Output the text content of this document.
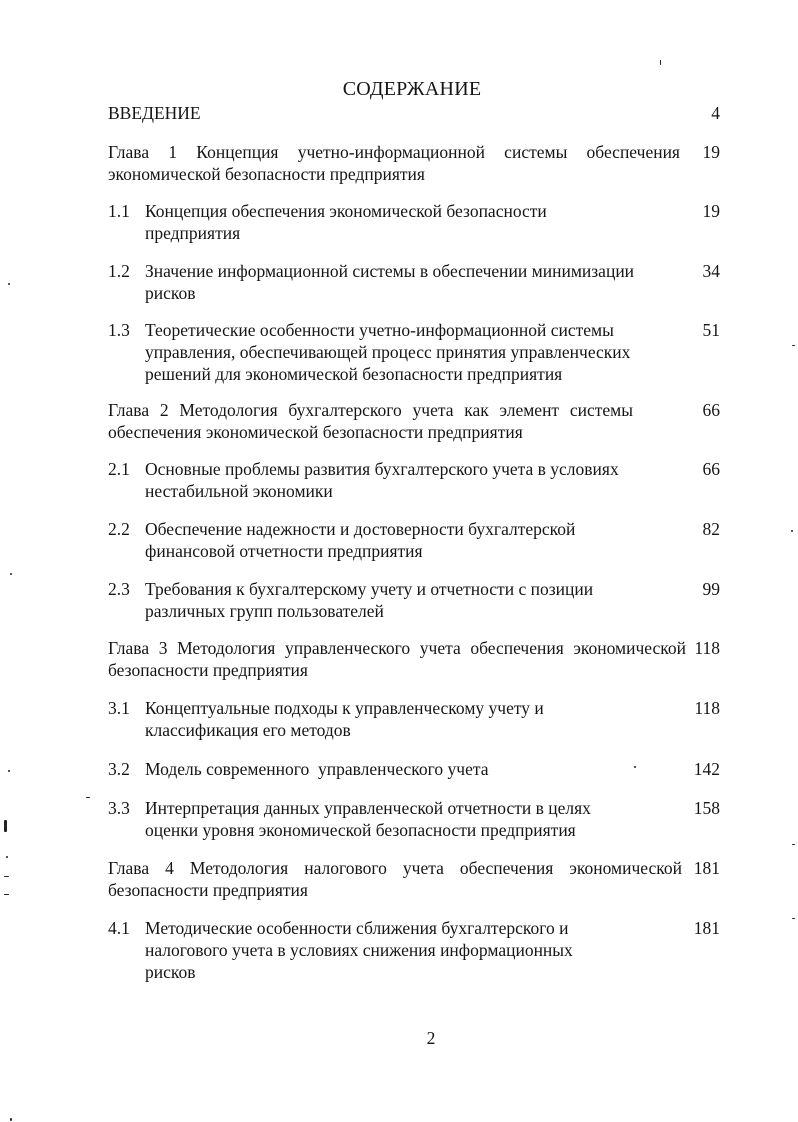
СОДЕРЖАНИЕ
ВВЕДЕНИЕ	4
Глава 1 Концепция учетно-информационной системы обеспечения экономической безопасности предприятия
19
1.1 Концепция обеспечения экономической безопасности предприятия
19
1.2 Значение информационной системы в обеспечении минимизации рисков
34
1.3 Теоретические особенности учетно-информационной системы управления, обеспечивающей процесс принятия управленческих решений для экономической безопасности предприятия
51
Глава 2 Методология бухгалтерского учета как элемент системы обеспечения экономической безопасности предприятия
66
2.1 Основные проблемы развития бухгалтерского учета в условиях нестабильной экономики
66
2.2 Обеспечение надежности и достоверности бухгалтерской финансовой отчетности предприятия
82
2.3 Требования к бухгалтерскому учету и отчетности с позиции различных групп пользователей
99
Глава 3 Методология управленческого учета обеспечения экономической безопасности предприятия
118
3.1 Концептуальные подходы к управленческому учету и классификация его методов
118
3.2 Модель современного  управленческого учета	142
3.3 Интерпретация данных управленческой отчетности в целях оценки уровня экономической безопасности предприятия
158
Глава 4 Методология налогового учета обеспечения экономической безопасности предприятия
181
4.1 Методические особенности сближения бухгалтерского и налогового учета в условиях снижения информационных рисков
181
2
